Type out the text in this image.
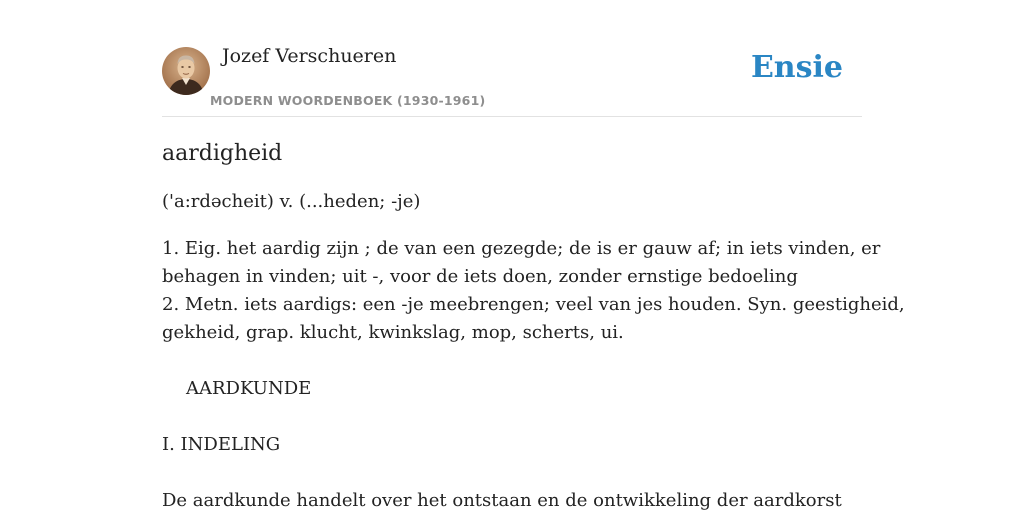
Jozef Verschueren
MODERN WOORDENBOEK (1930-1961)
Ensie
aardigheid
('a:rdəcheit) v. (...heden; -je)

1. Eig. het aardig zijn ; de van een gezegde; de is er gauw af; in iets vinden, er

behagen in vinden; uit -, voor de iets doen, zonder ernstige bedoeling

2. Metn. iets aardigs: een -je meebrengen; veel van jes houden. Syn. geestigheid,

gekheid, grap. klucht, kwinkslag, mop, scherts, ui.

AARDKUNDE

I. INDELING

De aardkunde handelt over het ontstaan en de ontwikkeling der aardkorst
